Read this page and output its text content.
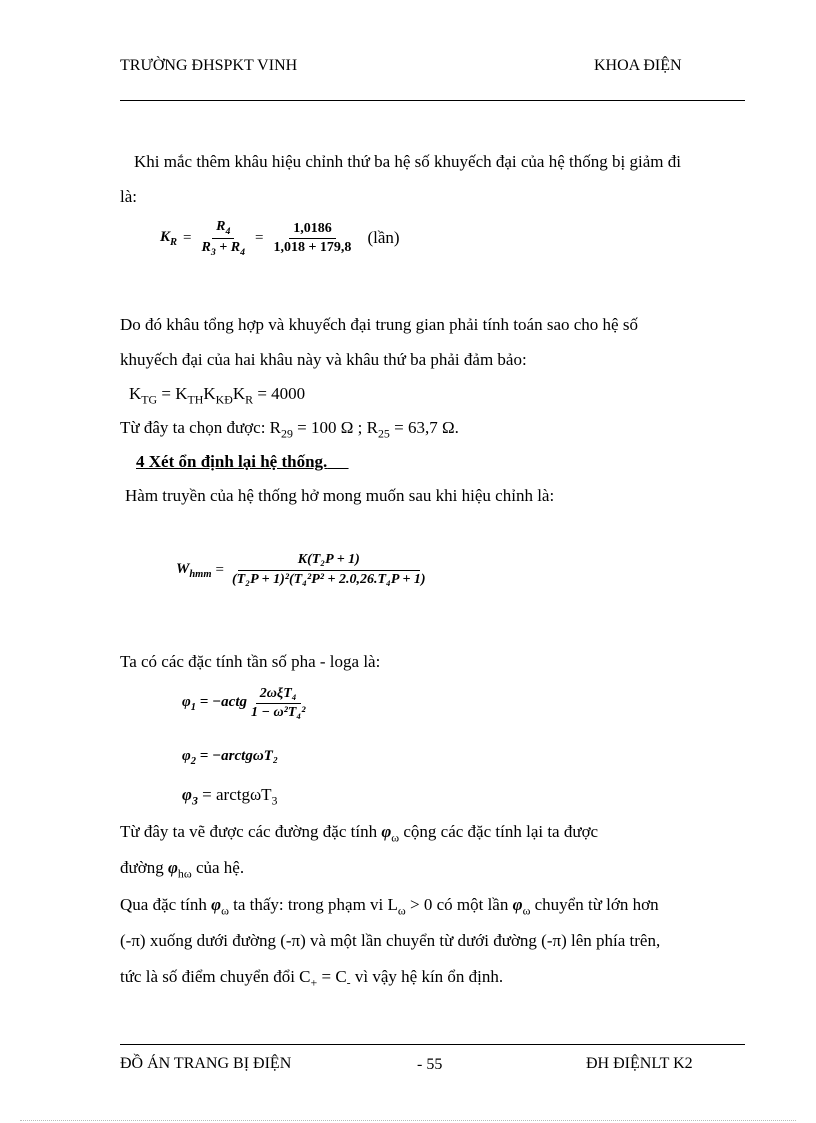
TRƯỜNG ĐHSPKT VINH	KHOA ĐIỆN
Khi mắc thêm khâu hiệu chỉnh thứ ba hệ số khuyếch đại của hệ thống bị giảm đi
là:
$K_R = \frac{R_4}{R_3 + R_4} = \frac{1,0186}{1,018 + 179,8}$ (lần)
Do đó khâu tổng hợp và khuyếch đại trung gian phải tính toán sao cho hệ số
khuyếch đại của hai khâu này và khâu thứ ba phải đảm bảo:
$K_{TG} = K_{TH}K_{KĐ}K_R = 4000$
Từ đây ta chọn được: $R_{29} = 100$ Ω ; $R_{25} = 63,7$ Ω.
4 Xét ổn định lại hệ thống.
Hàm truyền của hệ thống hở mong muốn sau khi hiệu chỉnh là:
$W_{hmm} = \frac{\text{K(T₂P + 1)}}{\text{(T₂P + 1)²(T₄²P² + 2.0,26.T₄P + 1)}}$
Ta có các đặc tính tần số pha - loga là:
$\varphi_1$ = −actg $\frac{\text{2ωξT₄}}{\text{1 − ω²T₄²}}$
$\varphi_2$ = −arctgωT₂
$\varphi_3$ = arctgωT$_3$
Từ đây ta vẽ được các đường đặc tính $\varphi_\omega$ cộng các đặc tính lại ta được
đường $\varphi_{h\omega}$ của hệ.
Qua đặc tính $\varphi_\omega$ ta thấy: trong phạm vi $L_\omega > 0$ có một lần $\varphi_\omega$ chuyển từ lớn hơn
(-π) xuống dưới đường (-π) và một lần chuyển từ dưới đường (-π) lên phía trên,
tức là số điểm chuyển đổi $C_+ = C_-$ vì vậy hệ kín ổn định.
ĐỒ ÁN TRANG BỊ ĐIỆN	- 55	ĐH ĐIỆNLT K2
